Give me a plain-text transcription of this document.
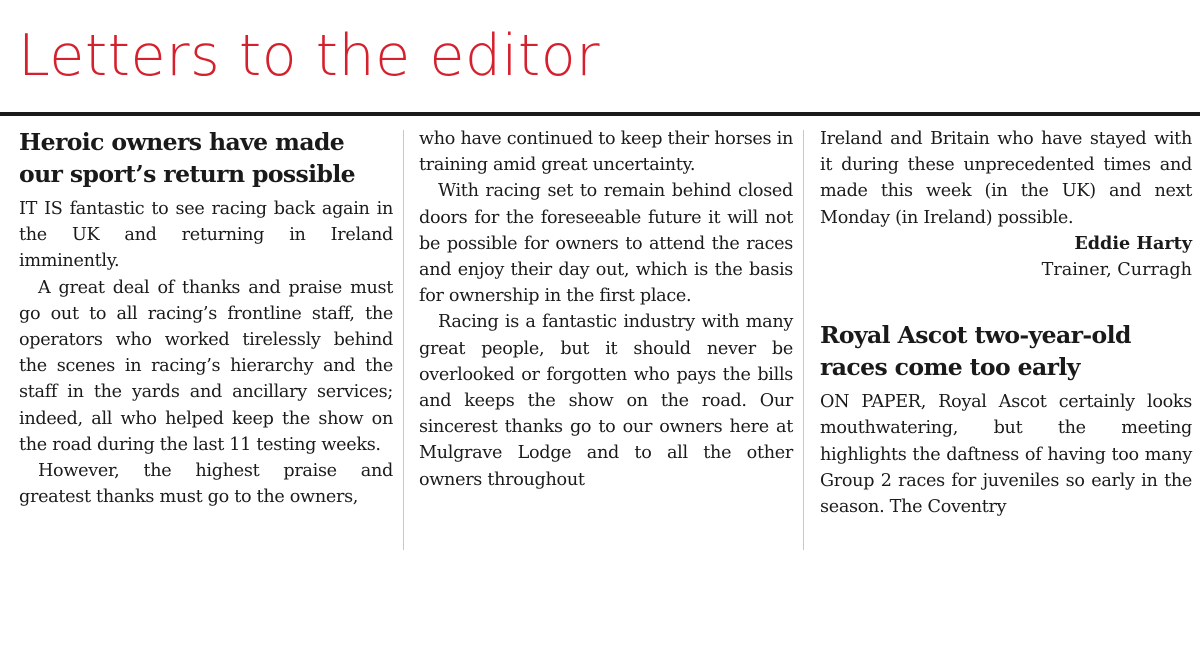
Letters to the editor
Heroic owners have made our sport’s return possible

IT IS fantastic to see racing back again in the UK and returning in Ireland imminently.

A great deal of thanks and praise must go out to all racing’s frontline staff, the operators who worked tirelessly behind the scenes in racing’s hierarchy and the staff in the yards and ancillary services; indeed, all who helped keep the show on the road during the last 11 testing weeks.

However, the highest praise and greatest thanks must go to the owners,

who have continued to keep their horses in training amid great uncertainty.

With racing set to remain behind closed doors for the foreseeable future it will not be possible for owners to attend the races and enjoy their day out, which is the basis for ownership in the first place.

Racing is a fantastic industry with many great people, but it should never be overlooked or forgotten who pays the bills and keeps the show on the road. Our sincerest thanks go to our owners here at Mulgrave Lodge and to all the other owners throughout

Ireland and Britain who have stayed with it during these unprecedented times and made this week (in the UK) and next Monday (in Ireland) possible.

Eddie Harty

Trainer, Curragh

Royal Ascot two-year-old races come too early

ON PAPER, Royal Ascot certainly looks mouthwatering, but the meeting highlights the daftness of having too many Group 2 races for juveniles so early in the season. The Coventry
